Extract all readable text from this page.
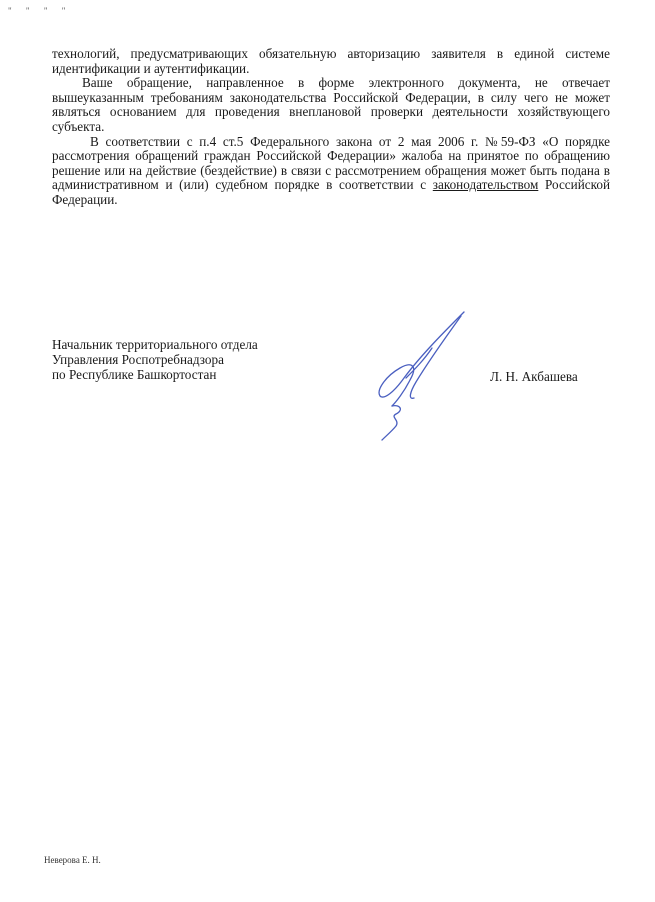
" " " "

технологий, предусматривающих обязательную авторизацию заявителя в единой системе идентификации и аутентификации.

Ваше обращение, направленное в форме электронного документа, не отвечает вышеуказанным требованиям законодательства Российской Федерации, в силу чего не может являться основанием для проведения внеплановой проверки деятельности хозяйствующего субъекта.

В соответствии с п.4 ст.5 Федерального закона от 2 мая 2006 г. №59-ФЗ «О порядке рассмотрения обращений граждан Российской Федерации» жалоба на принятое по обращению решение или на действие (бездействие) в связи с рассмотрением обращения может быть подана в административном и (или) судебном порядке в соответствии с законодательством Российской Федерации.

Начальник территориального отдела
Управления Роспотребнадзора
по Республике Башкортостан	Л. Н. Акбашева
Неверова Е. Н.
